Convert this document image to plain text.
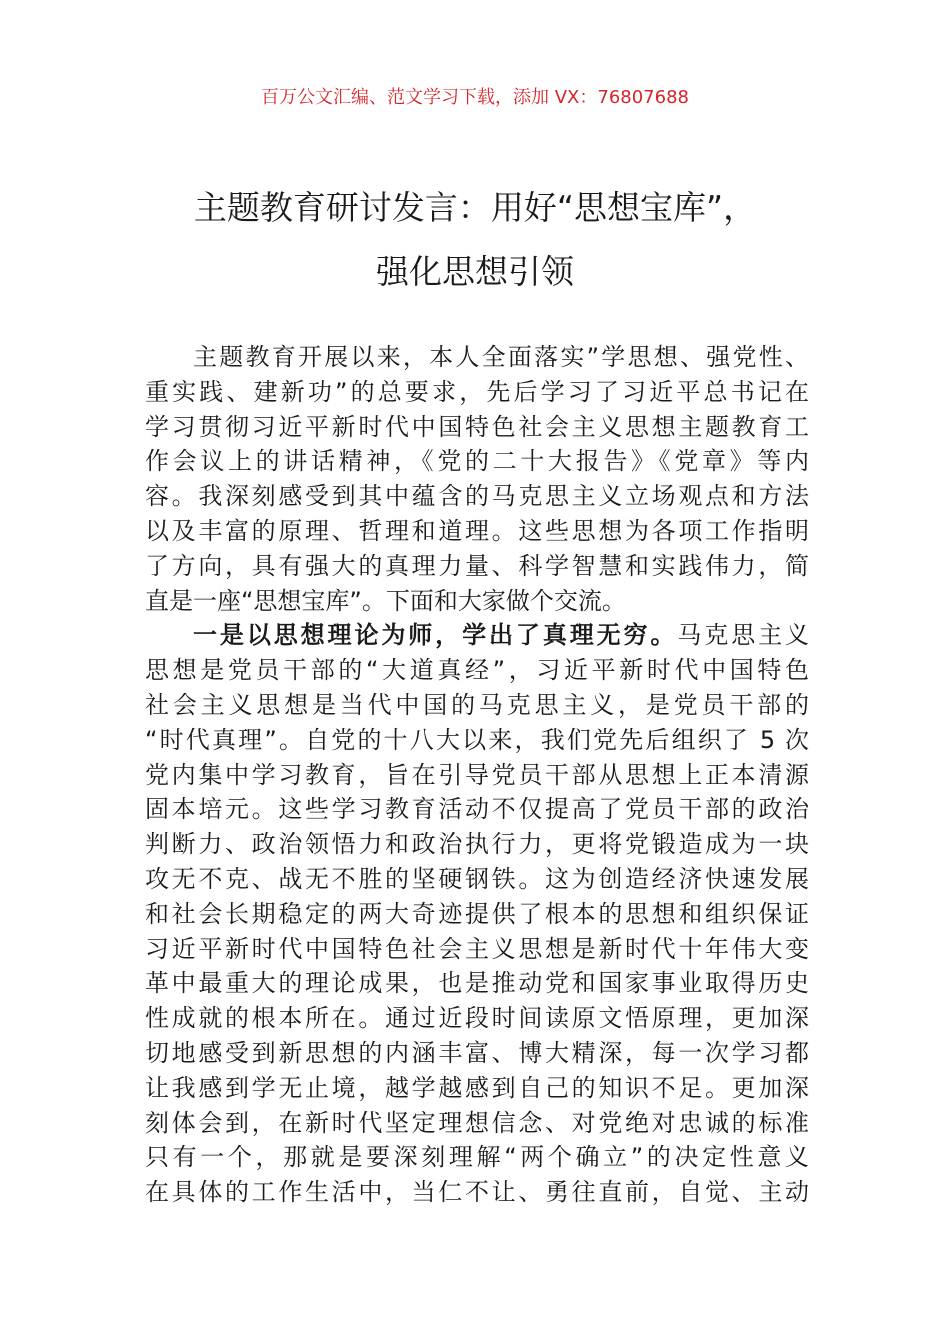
百万公文汇编、范文学习下载，添加 VX：76807688
主题教育研讨发言：用好“思想宝库”，
强化思想引领
主题教育开展以来，本人全面落实”学思想、强党性、
重实践、建新功”的总要求，先后学习了习近平总书记在
学习贯彻习近平新时代中国特色社会主义思想主题教育工
作会议上的讲话精神，《党的二十大报告》《党章》等内
容。我深刻感受到其中蕴含的马克思主义立场观点和方法
以及丰富的原理、哲理和道理。这些思想为各项工作指明
了方向，具有强大的真理力量、科学智慧和实践伟力，简
直是一座“思想宝库”。下面和大家做个交流。
一是以思想理论为师，学出了真理无穷。马克思主义
思想是党员干部的“大道真经”，习近平新时代中国特色
社会主义思想是当代中国的马克思主义，是党员干部的
“时代真理”。自党的十八大以来，我们党先后组织了 5 次
党内集中学习教育，旨在引导党员干部从思想上正本清源
固本培元。这些学习教育活动不仅提高了党员干部的政治
判断力、政治领悟力和政治执行力，更将党锻造成为一块
攻无不克、战无不胜的坚硬钢铁。这为创造经济快速发展
和社会长期稳定的两大奇迹提供了根本的思想和组织保证
习近平新时代中国特色社会主义思想是新时代十年伟大变
革中最重大的理论成果，也是推动党和国家事业取得历史
性成就的根本所在。通过近段时间读原文悟原理，更加深
切地感受到新思想的内涵丰富、博大精深，每一次学习都
让我感到学无止境，越学越感到自己的知识不足。更加深
刻体会到，在新时代坚定理想信念、对党绝对忠诚的标准
只有一个，那就是要深刻理解“两个确立”的决定性意义
在具体的工作生活中，当仁不让、勇往直前，自觉、主动
